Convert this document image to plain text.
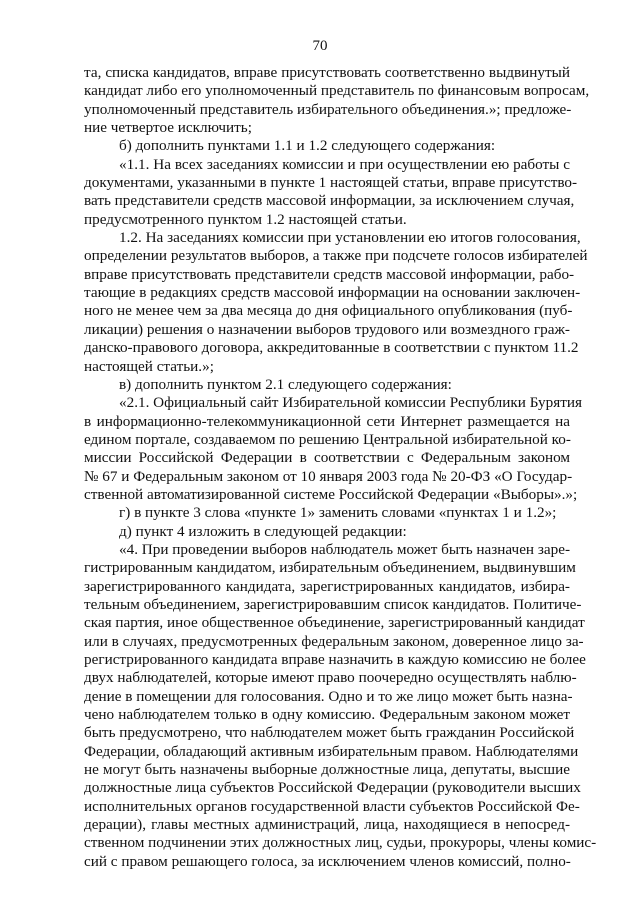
70
та, списка кандидатов, вправе присутствовать соответственно выдвинутый
кандидат либо его уполномоченный представитель по финансовым вопросам,
уполномоченный представитель избирательного объединения.»; предложе-
ние четвертое исключить;
б) дополнить пунктами 1.1 и 1.2 следующего содержания:
«1.1. На всех заседаниях комиссии и при осуществлении ею работы с
документами, указанными в пункте 1 настоящей статьи, вправе присутство-
вать представители средств массовой информации, за исключением случая,
предусмотренного пунктом 1.2 настоящей статьи.
1.2. На заседаниях комиссии при установлении ею итогов голосования,
определении результатов выборов, а также при подсчете голосов избирателей
вправе присутствовать представители средств массовой информации, рабо-
тающие в редакциях средств массовой информации на основании заключен-
ного не менее чем за два месяца до дня официального опубликования (пуб-
ликации) решения о назначении выборов трудового или возмездного граж-
данско-правового договора, аккредитованные в соответствии с пунктом 11.2
настоящей статьи.»;
в) дополнить пунктом 2.1 следующего содержания:
«2.1. Официальный сайт Избирательной комиссии Республики Бурятия
в информационно-телекоммуникационной сети Интернет размещается на
едином портале, создаваемом по решению Центральной избирательной ко-
миссии Российской Федерации в соответствии с Федеральным законом
№ 67 и Федеральным законом от 10 января 2003 года № 20-ФЗ «О Государ-
ственной автоматизированной системе Российской Федерации «Выборы».»;
г) в пункте 3 слова «пункте 1» заменить словами «пунктах 1 и 1.2»;
д) пункт 4 изложить в следующей редакции:
«4. При проведении выборов наблюдатель может быть назначен заре-
гистрированным кандидатом, избирательным объединением, выдвинувшим
зарегистрированного кандидата, зарегистрированных кандидатов, избира-
тельным объединением, зарегистрировавшим список кандидатов. Политиче-
ская партия, иное общественное объединение, зарегистрированный кандидат
или в случаях, предусмотренных федеральным законом, доверенное лицо за-
регистрированного кандидата вправе назначить в каждую комиссию не более
двух наблюдателей, которые имеют право поочередно осуществлять наблю-
дение в помещении для голосования. Одно и то же лицо может быть назна-
чено наблюдателем только в одну комиссию. Федеральным законом может
быть предусмотрено, что наблюдателем может быть гражданин Российской
Федерации, обладающий активным избирательным правом. Наблюдателями
не могут быть назначены выборные должностные лица, депутаты, высшие
должностные лица субъектов Российской Федерации (руководители высших
исполнительных органов государственной власти субъектов Российской Фе-
дерации), главы местных администраций, лица, находящиеся в непосред-
ственном подчинении этих должностных лиц, судьи, прокуроры, члены комис-
сий с правом решающего голоса, за исключением членов комиссий, полно-
